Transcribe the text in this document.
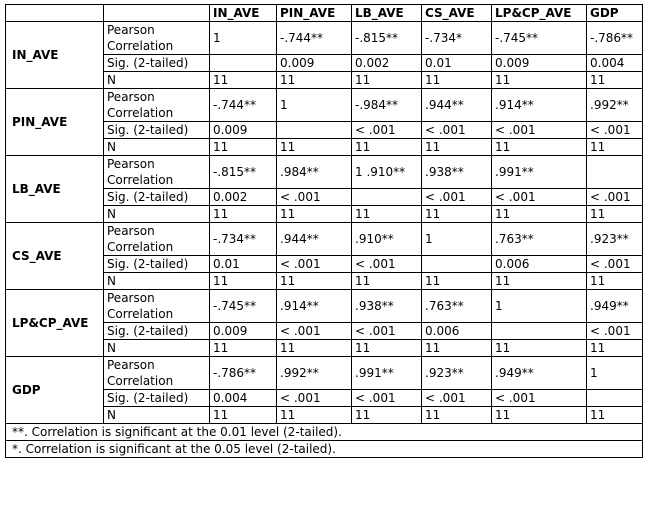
		IN_AVE	PIN_AVE	LB_AVE	CS_AVE	LP&CP_AVE	GDP
IN_AVE	Pearson Correlation	1	-.744**	-.815**	-.734*	-.745**	-.786**
	Sig. (2-tailed)		0.009	0.002	0.01	0.009	0.004
	N	11	11	11	11	11	11
PIN_AVE	Pearson Correlation	-.744**	1	-.984**	.944**	.914**	.992**
	Sig. (2-tailed)	0.009		< .001	< .001	< .001	< .001
	N	11	11	11	11	11	11
LB_AVE	Pearson Correlation	-.815**	.984**	1 .910**	.938**	.991**	
	Sig. (2-tailed)	0.002	< .001		< .001	< .001	< .001
	N	11	11	11	11	11	11
CS_AVE	Pearson Correlation	-.734**	.944**	.910**	1	.763**	.923**
	Sig. (2-tailed)	0.01	< .001	< .001		0.006	< .001
	N	11	11	11	11	11	11
LP&CP_AVE	Pearson Correlation	-.745**	.914**	.938**	.763**	1	.949**
	Sig. (2-tailed)	0.009	< .001	< .001	0.006		< .001
	N	11	11	11	11	11	11
GDP	Pearson Correlation	-.786**	.992**	.991**	.923**	.949**	1
	Sig. (2-tailed)	0.004	< .001	< .001	< .001	< .001	
	N	11	11	11	11	11	11
**. Correlation is significant at the 0.01 level (2-tailed).							
*. Correlation is significant at the 0.05 level (2-tailed).							
